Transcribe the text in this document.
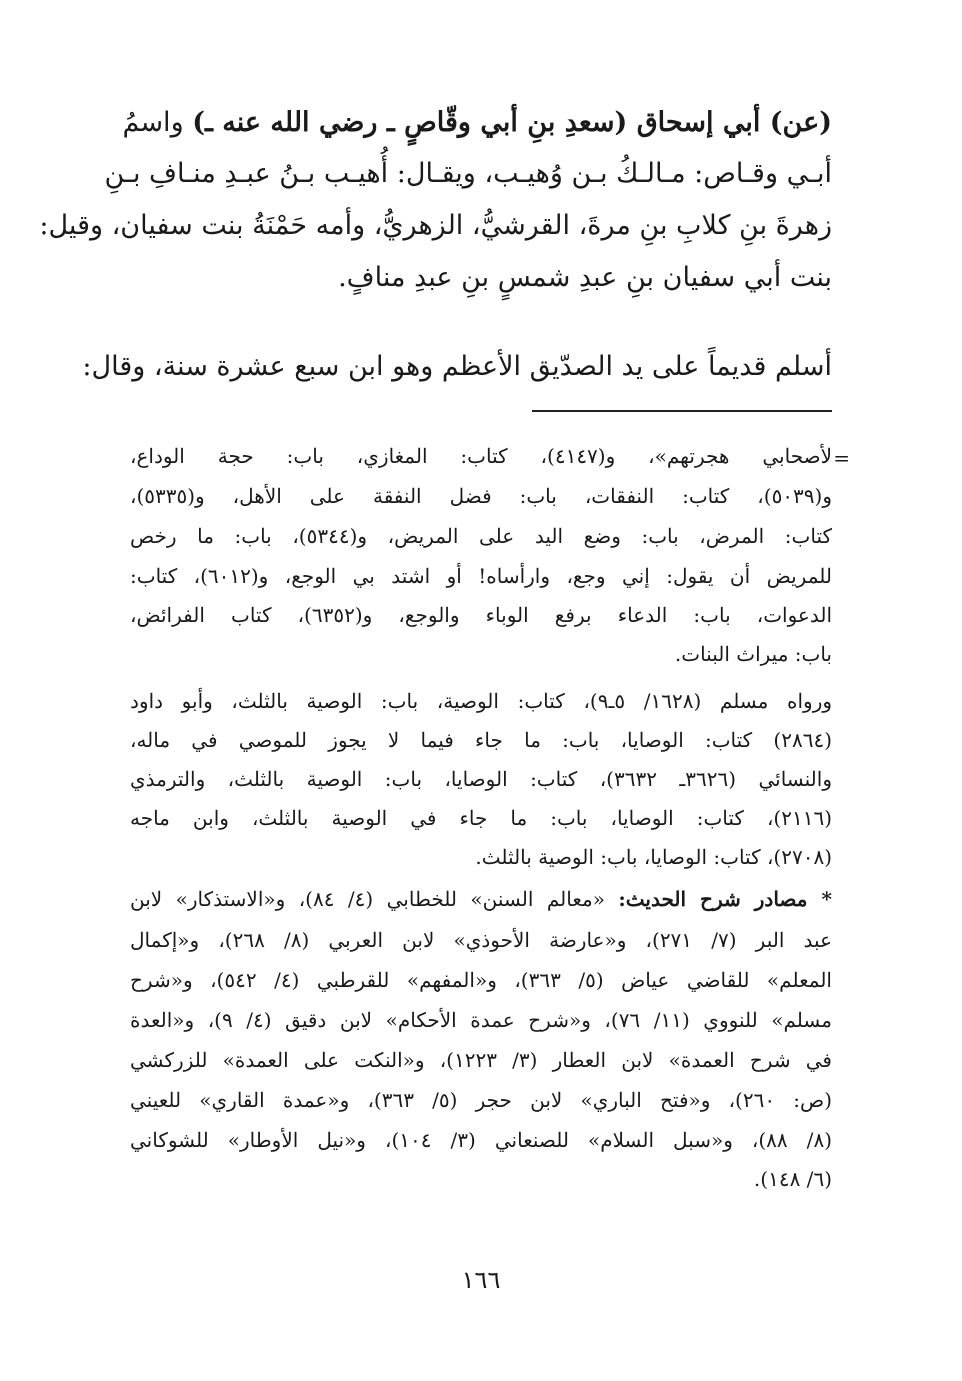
(عن) أبي إسحاق (سعدِ بنِ أبي وقّاصٍ ـ رضي الله عنه ـ) واسمُ
أبـي وقـاص: مـالـكُ بـن وُهيـب، ويقـال: أُهيـب بـنُ عبـدِ منـافِ بـنِ
زهرةَ بنِ كلابِ بنِ مرةَ، القرشيُّ، الزهريُّ، وأمه حَمْنَةُ بنت سفيان، وقيل:
بنت أبي سفيان بنِ عبدِ شمسٍ بنِ عبدِ منافٍ.
أسلم قديماً على يد الصدّيق الأعظم وهو ابن سبع عشرة سنة، وقال:
=
لأصحابي هجرتهم»، و(٤١٤٧)، كتاب: المغازي، باب: حجة الوداع،
و(٥٠٣٩)، كتاب: النفقات، باب: فضل النفقة على الأهل، و(٥٣٣٥)،
كتاب: المرض، باب: وضع اليد على المريض، و(٥٣٤٤)، باب: ما رخص
للمريض أن يقول: إني وجع، وارأساه! أو اشتد بي الوجع، و(٦٠١٢)، كتاب:
الدعوات، باب: الدعاء برفع الوباء والوجع، و(٦٣٥٢)، كتاب الفرائض،
باب: ميراث البنات.
ورواه مسلم (١٦٢٨/ ٥ـ٩)، كتاب: الوصية، باب: الوصية بالثلث، وأبو داود
(٢٨٦٤) كتاب: الوصايا، باب: ما جاء فيما لا يجوز للموصي في ماله،
والنسائي (٣٦٢٦ـ ٣٦٣٢)، كتاب: الوصايا، باب: الوصية بالثلث، والترمذي
(٢١١٦)، كتاب: الوصايا، باب: ما جاء في الوصية بالثلث، وابن ماجه
(٢٧٠٨)، كتاب: الوصايا، باب: الوصية بالثلث.
* مصادر شرح الحديث: «معالم السنن» للخطابي (٤/ ٨٤)، و«الاستذكار» لابن
عبد البر (٧/ ٢٧١)، و«عارضة الأحوذي» لابن العربي (٨/ ٢٦٨)، و«إكمال
المعلم» للقاضي عياض (٥/ ٣٦٣)، و«المفهم» للقرطبي (٤/ ٥٤٢)، و«شرح
مسلم» للنووي (١١/ ٧٦)، و«شرح عمدة الأحكام» لابن دقيق (٤/ ٩)، و«العدة
في شرح العمدة» لابن العطار (٣/ ١٢٢٣)، و«النكت على العمدة» للزركشي
(ص: ٢٦٠)، و«فتح الباري» لابن حجر (٥/ ٣٦٣)، و«عمدة القاري» للعيني
(٨/ ٨٨)، و«سبل السلام» للصنعاني (٣/ ١٠٤)، و«نيل الأوطار» للشوكاني
(٦/ ١٤٨).
١٦٦
